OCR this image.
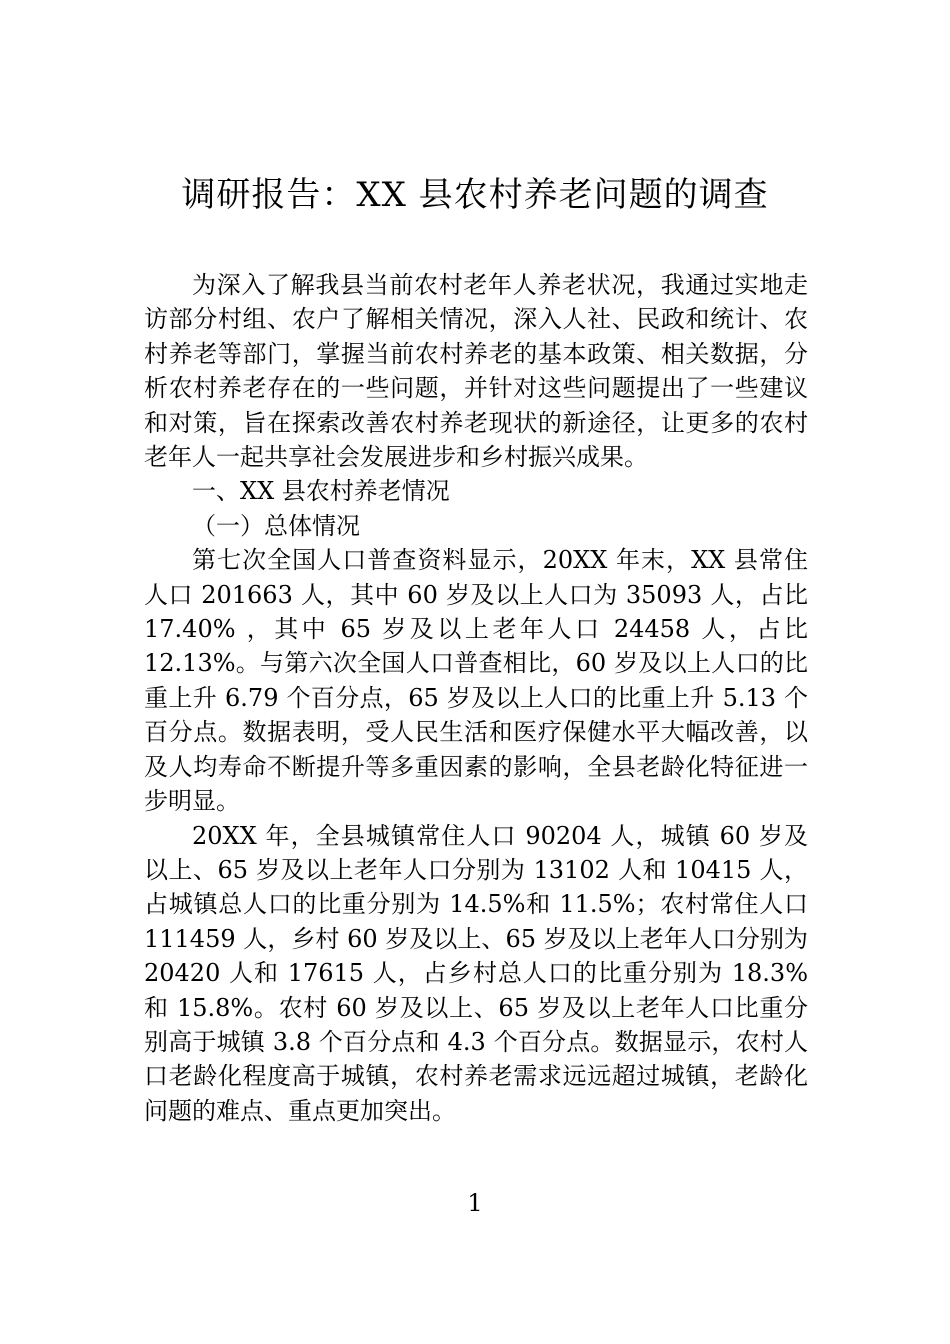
调研报告：XX 县农村养老问题的调查

为深入了解我县当前农村老年人养老状况，我通过实地走访部分村组、农户了解相关情况，深入人社、民政和统计、农村养老等部门，掌握当前农村养老的基本政策、相关数据，分析农村养老存在的一些问题，并针对这些问题提出了一些建议和对策，旨在探索改善农村养老现状的新途径，让更多的农村老年人一起共享社会发展进步和乡村振兴成果。

一、XX 县农村养老情况

（一）总体情况

第七次全国人口普查资料显示，20XX 年末，XX 县常住人口 201663 人，其中 60 岁及以上人口为 35093 人，占比 17.40% ，其中 65 岁及以上老年人口 24458 人，占比 12.13%。与第六次全国人口普查相比，60 岁及以上人口的比重上升 6.79 个百分点，65 岁及以上人口的比重上升 5.13 个百分点。数据表明，受人民生活和医疗保健水平大幅改善，以及人均寿命不断提升等多重因素的影响，全县老龄化特征进一步明显。

20XX 年，全县城镇常住人口 90204 人，城镇 60 岁及以上、65 岁及以上老年人口分别为 13102 人和 10415 人，占城镇总人口的比重分别为 14.5%和 11.5%；农村常住人口 111459 人，乡村 60 岁及以上、65 岁及以上老年人口分别为 20420 人和 17615 人，占乡村总人口的比重分别为 18.3%和 15.8%。农村 60 岁及以上、65 岁及以上老年人口比重分别高于城镇 3.8 个百分点和 4.3 个百分点。数据显示，农村人口老龄化程度高于城镇，农村养老需求远远超过城镇，老龄化问题的难点、重点更加突出。

1
